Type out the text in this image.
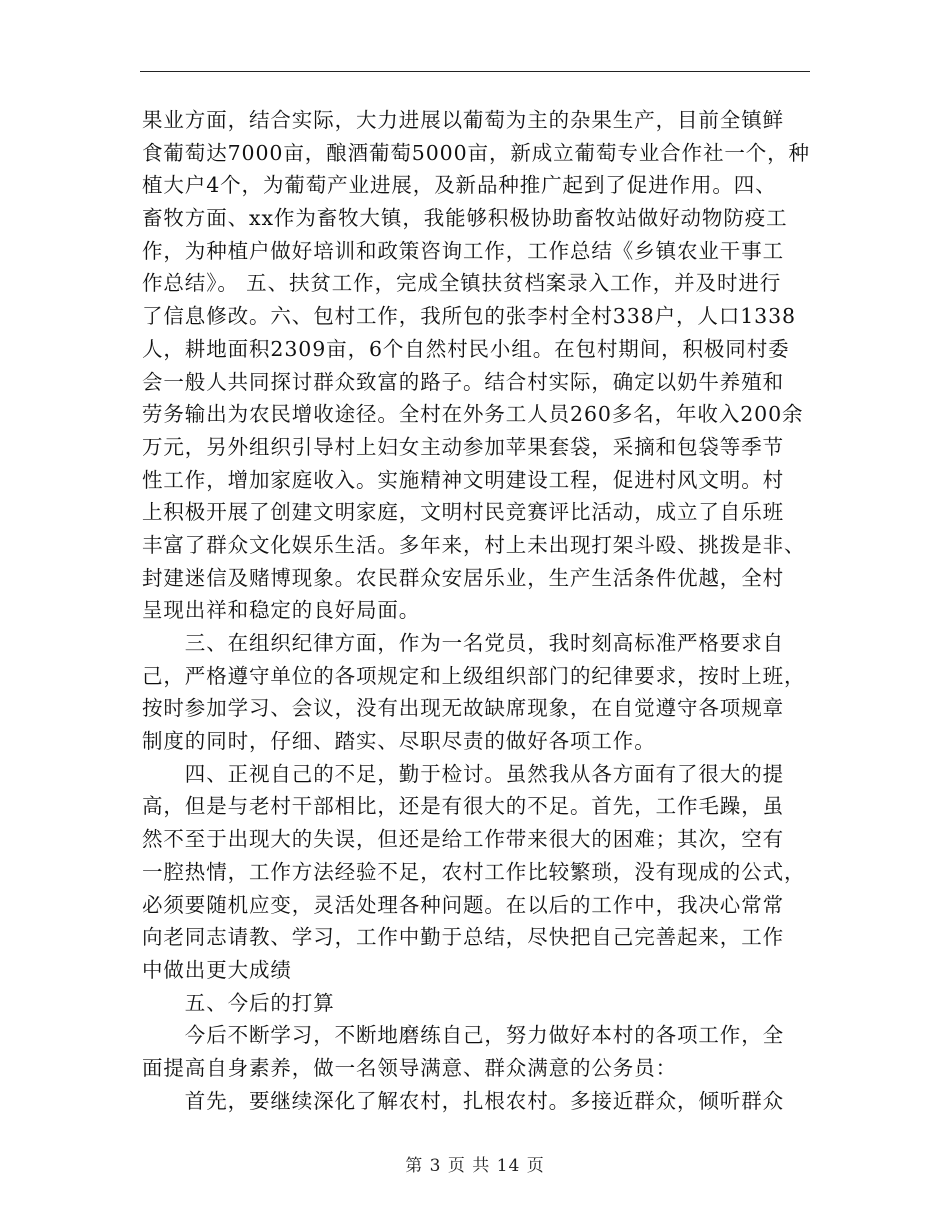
果业方面，结合实际，大力进展以葡萄为主的杂果生产，目前全镇鲜
食葡萄达7000亩，酿酒葡萄5000亩，新成立葡萄专业合作社一个，种
植大户4个，为葡萄产业进展，及新品种推广起到了促进作用。四、
畜牧方面、xx作为畜牧大镇，我能够积极协助畜牧站做好动物防疫工
作，为种植户做好培训和政策咨询工作，工作总结《乡镇农业干事工
作总结》。 五、扶贫工作，完成全镇扶贫档案录入工作，并及时进行
了信息修改。六、包村工作，我所包的张李村全村338户，人口1338
人，耕地面积2309亩，6个自然村民小组。在包村期间，积极同村委
会一般人共同探讨群众致富的路子。结合村实际，确定以奶牛养殖和
劳务输出为农民增收途径。全村在外务工人员260多名，年收入200余
万元，另外组织引导村上妇女主动参加苹果套袋，采摘和包袋等季节
性工作，增加家庭收入。实施精神文明建设工程，促进村风文明。村
上积极开展了创建文明家庭，文明村民竞赛评比活动，成立了自乐班
丰富了群众文化娱乐生活。多年来，村上未出现打架斗殴、挑拨是非、
封建迷信及赌博现象。农民群众安居乐业，生产生活条件优越，全村
呈现出祥和稳定的良好局面。
　　三、在组织纪律方面，作为一名党员，我时刻高标准严格要求自
己，严格遵守单位的各项规定和上级组织部门的纪律要求，按时上班，
按时参加学习、会议，没有出现无故缺席现象，在自觉遵守各项规章
制度的同时，仔细、踏实、尽职尽责的做好各项工作。
　　四、正视自己的不足，勤于检讨。虽然我从各方面有了很大的提
高，但是与老村干部相比，还是有很大的不足。首先，工作毛躁，虽
然不至于出现大的失误，但还是给工作带来很大的困难；其次，空有
一腔热情，工作方法经验不足，农村工作比较繁琐，没有现成的公式，
必须要随机应变，灵活处理各种问题。在以后的工作中，我决心常常
向老同志请教、学习，工作中勤于总结，尽快把自己完善起来，工作
中做出更大成绩
　　五、今后的打算
　　今后不断学习，不断地磨练自己，努力做好本村的各项工作，全
面提高自身素养，做一名领导满意、群众满意的公务员：
　　首先，要继续深化了解农村，扎根农村。多接近群众，倾听群众
第 3 页 共 14 页
